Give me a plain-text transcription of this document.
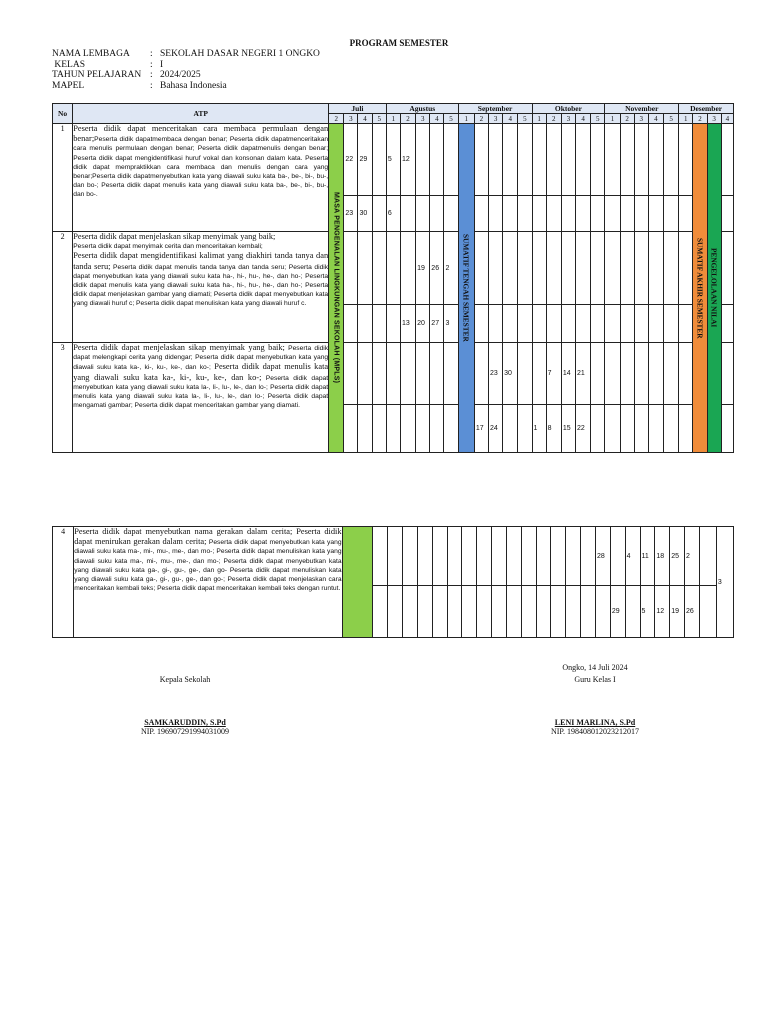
PROGRAM SEMESTER
NAMA LEMBAGA	: SEKOLAH DASAR NEGERI 1 ONGKO
KELAS	: I
TAHUN PELAJARAN : 2024/2025
MAPEL	: Bahasa Indonesia
No	ATP	Juli				Agustus					September					Oktober					November					Desember			
		2	3	4	5	1	2	3	4	5	1	2	3	4	5	1	2	3	4	5	1	2	3	4	5	1	2	3	4
1	Peserta didik dapat menceritakan cara membaca permulaan dengan benar;Peserta didik dapatmembaca dengan benar; Peserta didik dapatmenceritakan cara menulis permulaan dengan benar; Peserta didik dapatmenulis dengan benar; Peserta didik dapat mengidentifikasi huruf vokal dan konsonan dalam kata. Peserta didik dapat mempraktikkan cara membaca dan menulis dengan cara yang benar;Peserta didik dapatmenyebutkan kata yang diawali suku kata ba-, be-, bi-, bu-, dan bo-; Peserta didik dapat menulis kata yang diawali suku kata ba-, be-, bi-, bu-, dan bo-.	MASA PENGENALAN LINGKUNGAN SEKOLAH (MPLS)	22	29		5	12				SUMATIF TENGAH SEMESTER																SUMATIF AKHIR SEMESTER	PENGELOLAAN NILAI	

			23	30		6																							
2	Peserta didik dapat menjelaskan sikap menyimak yang baik;
Peserta didik dapat menyimak cerita dan menceritakan kembali;
Peserta didik dapat mengidentifikasi kalimat yang diakhiri tanda tanya dan tanda seru; Peserta didik dapat menulis tanda tanya dan tanda seru; Peserta didik dapat menyebutkan kata yang diawali suku kata ha-, hi-, hu-, he-, dan ho-; Peserta didik dapat menulis kata yang diawali suku kata ha-, hi-, hu-, he-, dan ho-; Peserta didik dapat menjelaskan gambar yang diamati; Peserta didik dapat menyebutkan kata yang diawali huruf c; Peserta didik dapat menuliskan kata yang diawali huruf c.							19	26	2																			
							13	20	27	3																			
3	Peserta didik dapat menjelaskan sikap menyimak yang baik; Peserta didik dapat melengkapi cerita yang didengar; Peserta didik dapat menyebutkan kata yang diawali suku kata ka-, ki-, ku-, ke-, dan ko-; Peserta didik dapat menulis kata yang diawali suku kata ka-, ki-, ku-, ke-, dan ko-; Peserta didik dapat menyebutkan kata yang diawali suku kata la-, li-, lu-, le-, dan lo-; Peserta didik dapat menulis kata yang diawali suku kata la-, li-, lu-, le-, dan lo-; Peserta didik dapat mengamati gambar; Peserta didik dapat menceritakan gambar yang diamati.												23	30			7	14	21										
												17	24			1	8	15	22										
4	Peserta didik dapat menyebutkan nama gerakan dalam cerita; Peserta didik dapat menirukan gerakan dalam cerita; Peserta didik dapat menyebutkan kata yang diawali suku kata ma-, mi-, mu-, me-, dan mo-; Peserta didik dapat menuliskan kata yang diawali suku kata ma-, mi-, mu-, me-, dan mo-; Peserta didik dapat menyebutkan kata yang diawali suku kata ga-, gi-, gu-, ge-, dan go- Peserta didik dapat menuliskan kata yang diawali suku kata ga-, gi-, gu-, ge-, dan go-; Peserta didik dapat menjelaskan cara menceritakan kembali teks; Peserta didik dapat menceritakan kembali teks dengan runtut.																	28		4	11	18	25	2		3
																			29		5	12	19	26		
Ongko, 14 Juli 2024
Kepala Sekolah	Guru Kelas I
SAMKARUDDIN, S.Pd
NIP. 196907291994031009
LENI MARLINA, S.Pd
NIP. 198408012023212017
